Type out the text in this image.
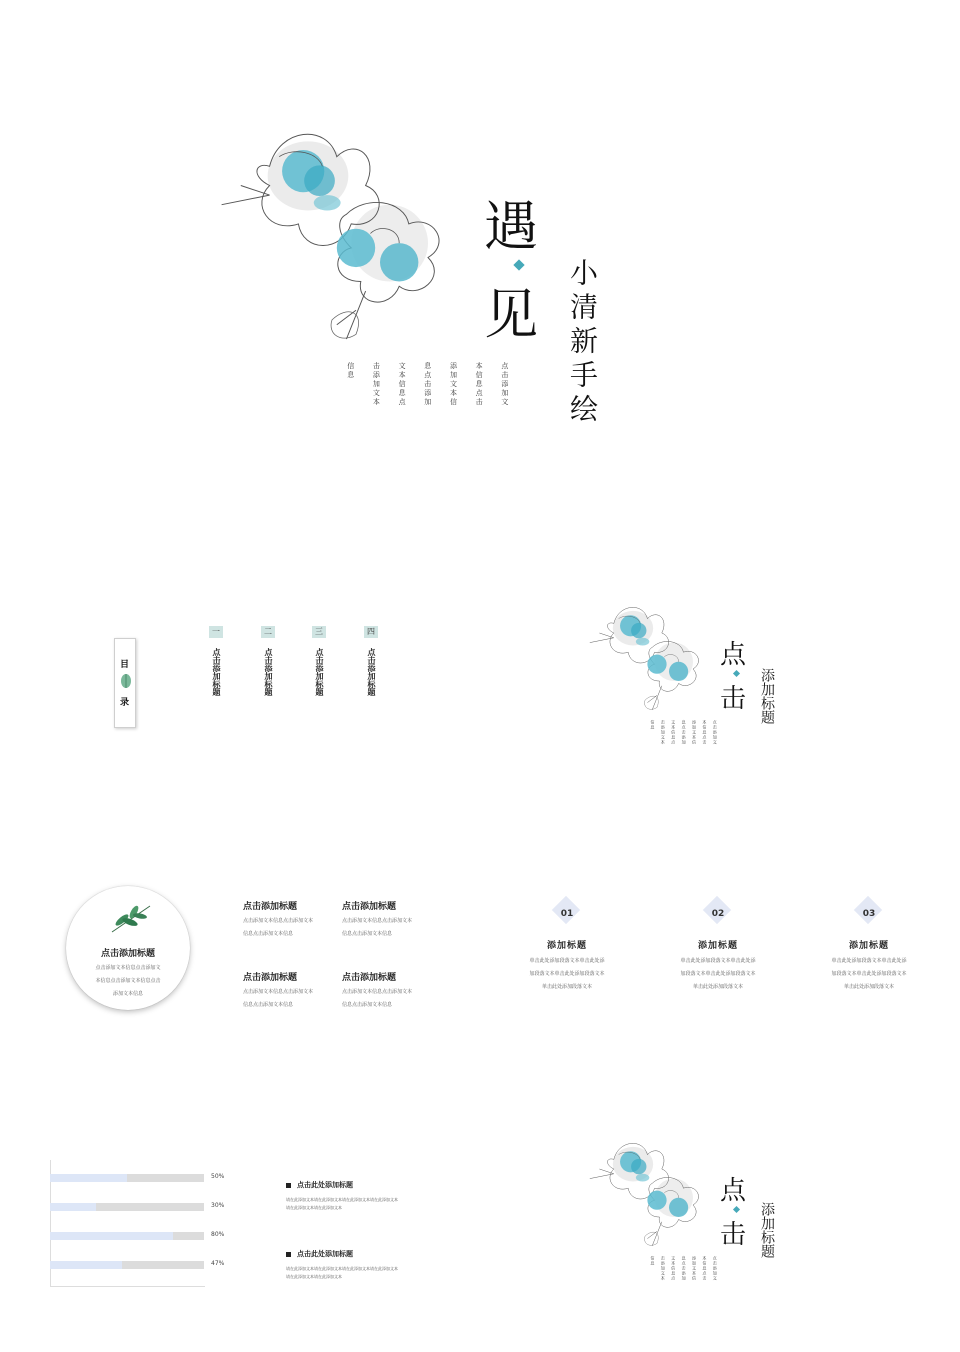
遇
见 小清新手绘
点击添加文
本信息点击
添加文本信
息点击添加
文本信息点
击添加文本
信息
目
录
一
点击添加标题
二
点击添加标题
三
点击添加标题
四
点击添加标题	点
击 添加标题
点击添加文
本信息点击
添加文本信
息点击添加
文本信息点
击添加文本
信息
点击添加标题
点击添加文本信息点击添加文
本信息点击添加文本信息点击
添加文本信息
点击添加标题
点击添加文本信息点击添加文本
信息点击添加文本信息
点击添加标题
点击添加文本信息点击添加文本
信息点击添加文本信息
点击添加标题
点击添加文本信息点击添加文本
信息点击添加文本信息
点击添加标题
点击添加文本信息点击添加文本
信息点击添加文本信息
01
添加标题
单击此处添加段落文本单击此处添
加段落文本单击此处添加段落文本
单击此处添加段落文本
02
添加标题
单击此处添加段落文本单击此处添
加段落文本单击此处添加段落文本
单击此处添加段落文本
03
添加标题
单击此处添加段落文本单击此处添
加段落文本单击此处添加段落文本
单击此处添加段落文本
50%
30%
80%
47%
点击此处添加标题
请在此添加文本请在此添加文本请在此添加文本请在此添加文本
请在此添加文本请在此添加文本
点击此处添加标题
请在此添加文本请在此添加文本请在此添加文本请在此添加文本
请在此添加文本请在此添加文本
点
击 添加标题
点击添加文
本信息点击
添加文本信
息点击添加
文本信息点
击添加文本
信息
